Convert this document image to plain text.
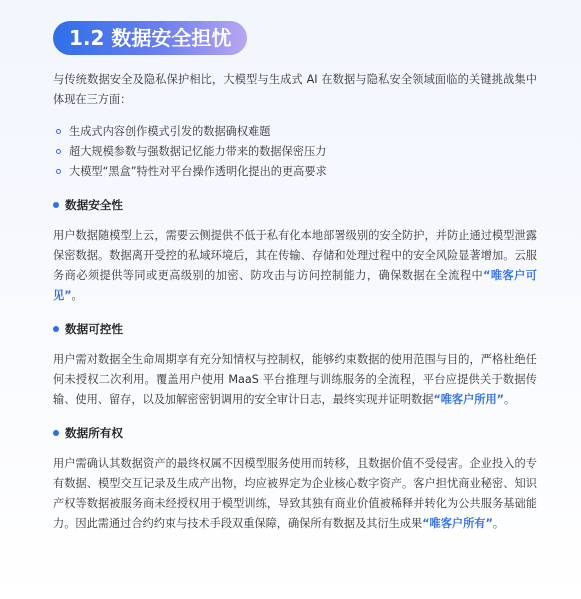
1.2 数据安全担忧

与传统数据安全及隐私保护相比，大模型与生成式 AI 在数据与隐私安全领域面临的关键挑战集中体现在三方面：

生成式内容创作模式引发的数据确权难题
超大规模参数与强数据记忆能力带来的数据保密压力
大模型“黑盒”特性对平台操作透明化提出的更高要求
数据安全性

用户数据随模型上云，需要云侧提供不低于私有化本地部署级别的安全防护，并防止通过模型泄露保密数据。数据离开受控的私域环境后，其在传输、存储和处理过程中的安全风险显著增加。云服务商必须提供等同或更高级别的加密、防攻击与访问控制能力，确保数据在全流程中“唯客户可见”。

数据可控性

用户需对数据全生命周期享有充分知情权与控制权，能够约束数据的使用范围与目的，严格杜绝任何未授权二次利用。覆盖用户使用 MaaS 平台推理与训练服务的全流程，平台应提供关于数据传输、使用、留存，以及加解密密钥调用的安全审计日志，最终实现并证明数据“唯客户所用”。

数据所有权

用户需确认其数据资产的最终权属不因模型服务使用而转移，且数据价值不受侵害。企业投入的专有数据、模型交互记录及生成产出物，均应被界定为企业核心数字资产。客户担忧商业秘密、知识产权等数据被服务商未经授权用于模型训练，导致其独有商业价值被稀释并转化为公共服务基础能力。因此需通过合约约束与技术手段双重保障，确保所有数据及其衍生成果“唯客户所有”。
